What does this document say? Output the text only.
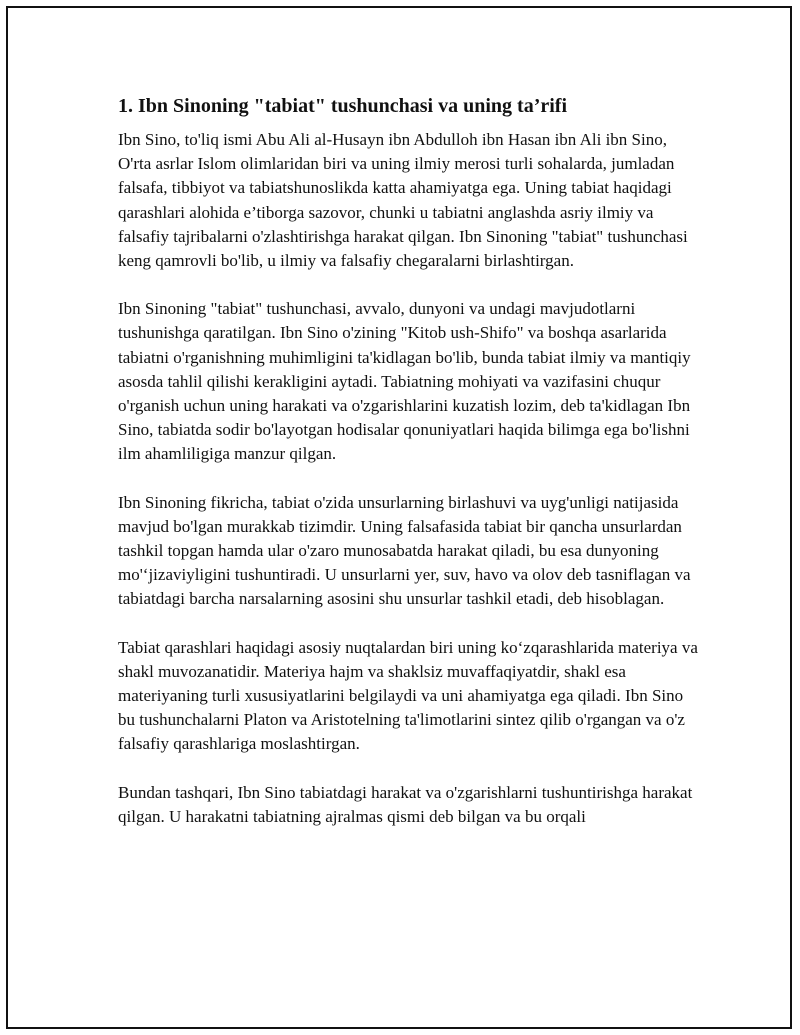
1. Ibn Sinoning "tabiat" tushunchasi va uning ta’rifi

Ibn Sino, to'liq ismi Abu Ali al-Husayn ibn Abdulloh ibn Hasan ibn Ali ibn Sino, O'rta asrlar Islom olimlaridan biri va uning ilmiy merosi turli sohalarda, jumladan falsafa, tibbiyot va tabiatshunoslikda katta ahamiyatga ega. Uning tabiat haqidagi qarashlari alohida e’tiborga sazovor, chunki u tabiatni anglashda asriy ilmiy va falsafiy tajribalarni o'zlashtirishga harakat qilgan. Ibn Sinoning "tabiat" tushunchasi keng qamrovli bo'lib, u ilmiy va falsafiy chegaralarni birlashtirgan.

Ibn Sinoning "tabiat" tushunchasi, avvalo, dunyoni va undagi mavjudotlarni tushunishga qaratilgan. Ibn Sino o'zining "Kitob ush-Shifo" va boshqa asarlarida tabiatni o'rganishning muhimligini ta'kidlagan bo'lib, bunda tabiat ilmiy va mantiqiy asosda tahlil qilishi kerakligini aytadi. Tabiatning mohiyati va vazifasini chuqur o'rganish uchun uning harakati va o'zgarishlarini kuzatish lozim, deb ta'kidlagan Ibn Sino, tabiatda sodir bo'layotgan hodisalar qonuniyatlari haqida bilimga ega bo'lishni ilm ahamliligiga manzur qilgan.

Ibn Sinoning fikricha, tabiat o'zida unsurlarning birlashuvi va uyg'unligi natijasida mavjud bo'lgan murakkab tizimdir. Uning falsafasida tabiat bir qancha unsurlardan tashkil topgan hamda ular o'zaro munosabatda harakat qiladi, bu esa dunyoning mo'‘jizaviyligini tushuntiradi. U unsurlarni yer, suv, havo va olov deb tasniflagan va tabiatdagi barcha narsalarning asosini shu unsurlar tashkil etadi, deb hisoblagan.

Tabiat qarashlari haqidagi asosiy nuqtalardan biri uning ko‘zqarashlarida materiya va shakl muvozanatidir. Materiya hajm va shaklsiz muvaffaqiyatdir, shakl esa materiyaning turli xususiyatlarini belgilaydi va uni ahamiyatga ega qiladi. Ibn Sino bu tushunchalarni Platon va Aristotelning ta'limotlarini sintez qilib o'rgangan va o'z falsafiy qarashlariga moslashtirgan.

Bundan tashqari, Ibn Sino tabiatdagi harakat va o'zgarishlarni tushuntirishga harakat qilgan. U harakatni tabiatning ajralmas qismi deb bilgan va bu orqali
